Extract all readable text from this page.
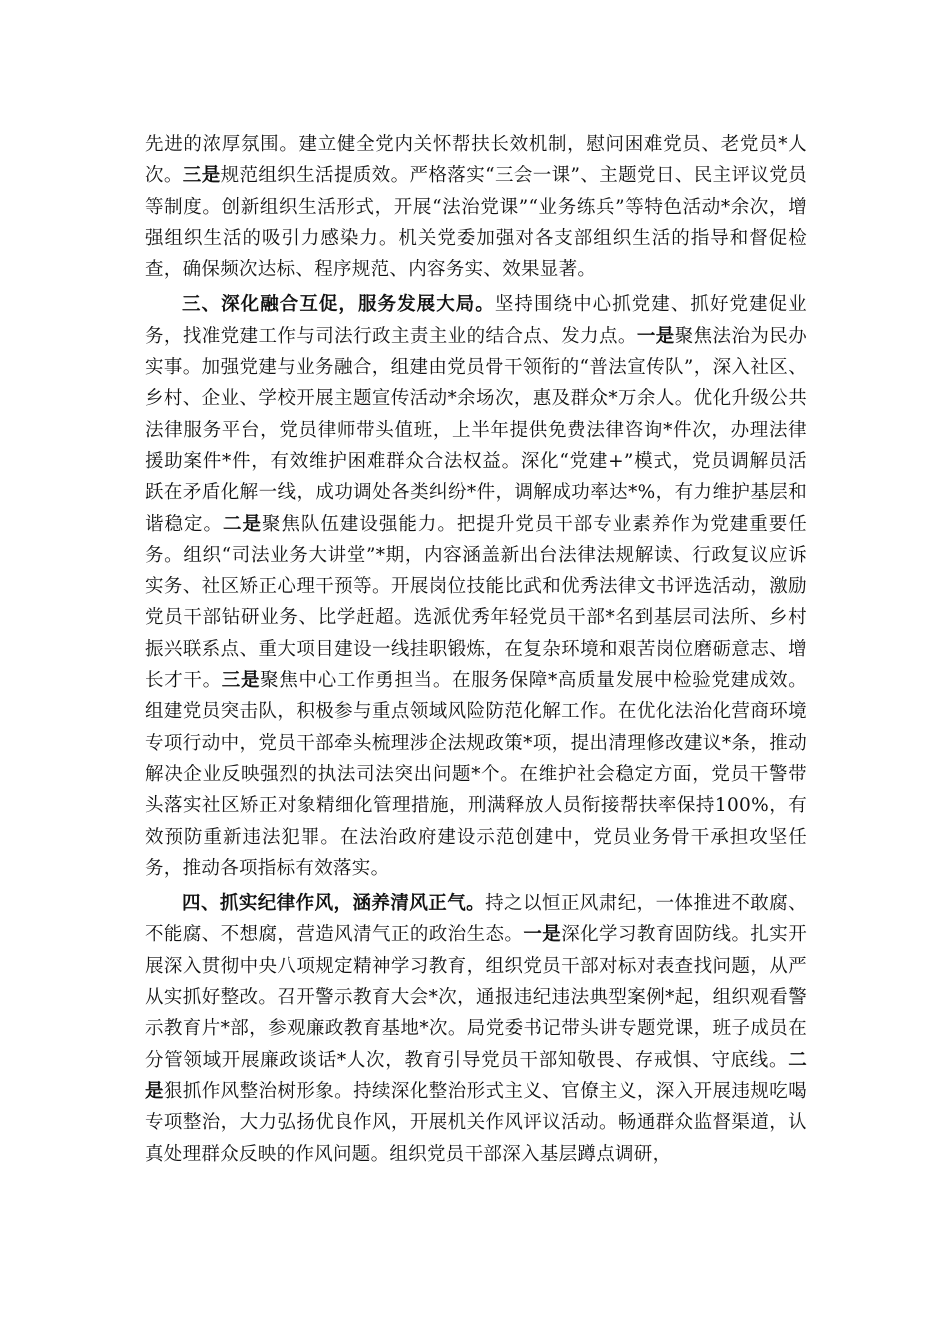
先进的浓厚氛围。建立健全党内关怀帮扶长效机制，慰问困难党员、老党员*人次。三是规范组织生活提质效。严格落实“三会一课”、主题党日、民主评议党员等制度。创新组织生活形式，开展“法治党课”“业务练兵”等特色活动*余次，增强组织生活的吸引力感染力。机关党委加强对各支部组织生活的指导和督促检查，确保频次达标、程序规范、内容务实、效果显著。

三、深化融合互促，服务发展大局。坚持围绕中心抓党建、抓好党建促业务，找准党建工作与司法行政主责主业的结合点、发力点。一是聚焦法治为民办实事。加强党建与业务融合，组建由党员骨干领衔的“普法宣传队”，深入社区、乡村、企业、学校开展主题宣传活动*余场次，惠及群众*万余人。优化升级公共法律服务平台，党员律师带头值班，上半年提供免费法律咨询*件次，办理法律援助案件*件，有效维护困难群众合法权益。深化“党建+”模式，党员调解员活跃在矛盾化解一线，成功调处各类纠纷*件，调解成功率达*%，有力维护基层和谐稳定。二是聚焦队伍建设强能力。把提升党员干部专业素养作为党建重要任务。组织“司法业务大讲堂”*期，内容涵盖新出台法律法规解读、行政复议应诉实务、社区矫正心理干预等。开展岗位技能比武和优秀法律文书评选活动，激励党员干部钻研业务、比学赶超。选派优秀年轻党员干部*名到基层司法所、乡村振兴联系点、重大项目建设一线挂职锻炼，在复杂环境和艰苦岗位磨砺意志、增长才干。三是聚焦中心工作勇担当。在服务保障*高质量发展中检验党建成效。组建党员突击队，积极参与重点领域风险防范化解工作。在优化法治化营商环境专项行动中，党员干部牵头梳理涉企法规政策*项，提出清理修改建议*条，推动解决企业反映强烈的执法司法突出问题*个。在维护社会稳定方面，党员干警带头落实社区矫正对象精细化管理措施，刑满释放人员衔接帮扶率保持100%，有效预防重新违法犯罪。在法治政府建设示范创建中，党员业务骨干承担攻坚任务，推动各项指标有效落实。

四、抓实纪律作风，涵养清风正气。持之以恒正风肃纪，一体推进不敢腐、不能腐、不想腐，营造风清气正的政治生态。一是深化学习教育固防线。扎实开展深入贯彻中央八项规定精神学习教育，组织党员干部对标对表查找问题，从严从实抓好整改。召开警示教育大会*次，通报违纪违法典型案例*起，组织观看警示教育片*部，参观廉政教育基地*次。局党委书记带头讲专题党课，班子成员在分管领域开展廉政谈话*人次，教育引导党员干部知敬畏、存戒惧、守底线。二是狠抓作风整治树形象。持续深化整治形式主义、官僚主义，深入开展违规吃喝专项整治，大力弘扬优良作风，开展机关作风评议活动。畅通群众监督渠道，认真处理群众反映的作风问题。组织党员干部深入基层蹲点调研，
